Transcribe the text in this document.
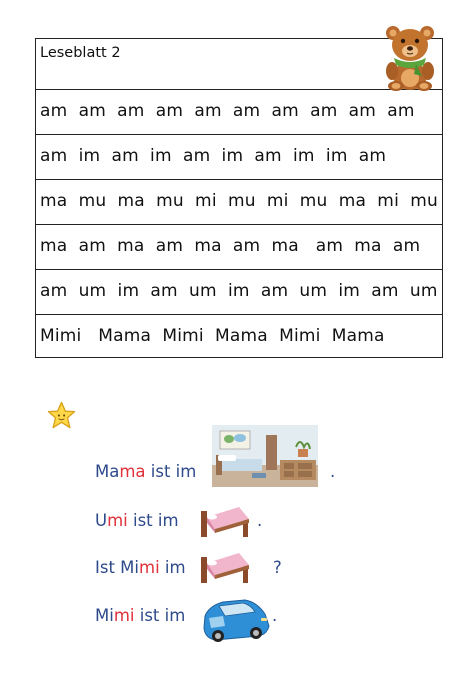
Leseblatt 2
am  am  am  am  am  am  am  am  am  am
am  im  am  im  am  im  am  im  im  am
ma  mu  ma  mu  mi  mu  mi  mu  ma  mi  mu
ma  am  ma  am  ma  am  ma   am  ma  am
am  um  im  am  um  im  am  um  im  am  um
Mimi   Mama  Mimi  Mama  Mimi  Mama
Mama ist im	.
Umi ist im	.
Ist Mimi im	?
Mimi ist im	.
